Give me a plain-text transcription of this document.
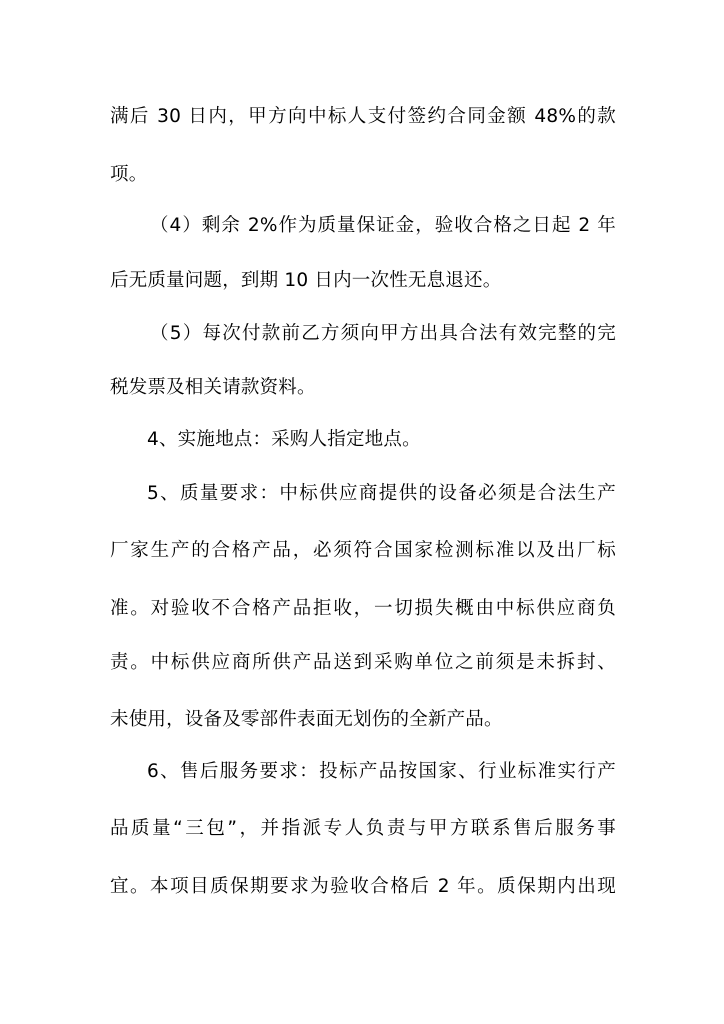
满后 30 日内，甲方向中标人支付签约合同金额 48%的款
项。
（4）剩余 2%作为质量保证金，验收合格之日起 2 年
后无质量问题，到期 10 日内一次性无息退还。
（5）每次付款前乙方须向甲方出具合法有效完整的完
税发票及相关请款资料。
4、实施地点：采购人指定地点。
5、质量要求：中标供应商提供的设备必须是合法生产
厂家生产的合格产品，必须符合国家检测标准以及出厂标
准。对验收不合格产品拒收，一切损失概由中标供应商负
责。中标供应商所供产品送到采购单位之前须是未拆封、
未使用，设备及零部件表面无划伤的全新产品。
6、售后服务要求：投标产品按国家、行业标准实行产
品质量“三包”，并指派专人负责与甲方联系售后服务事
宜。本项目质保期要求为验收合格后 2 年。质保期内出现
